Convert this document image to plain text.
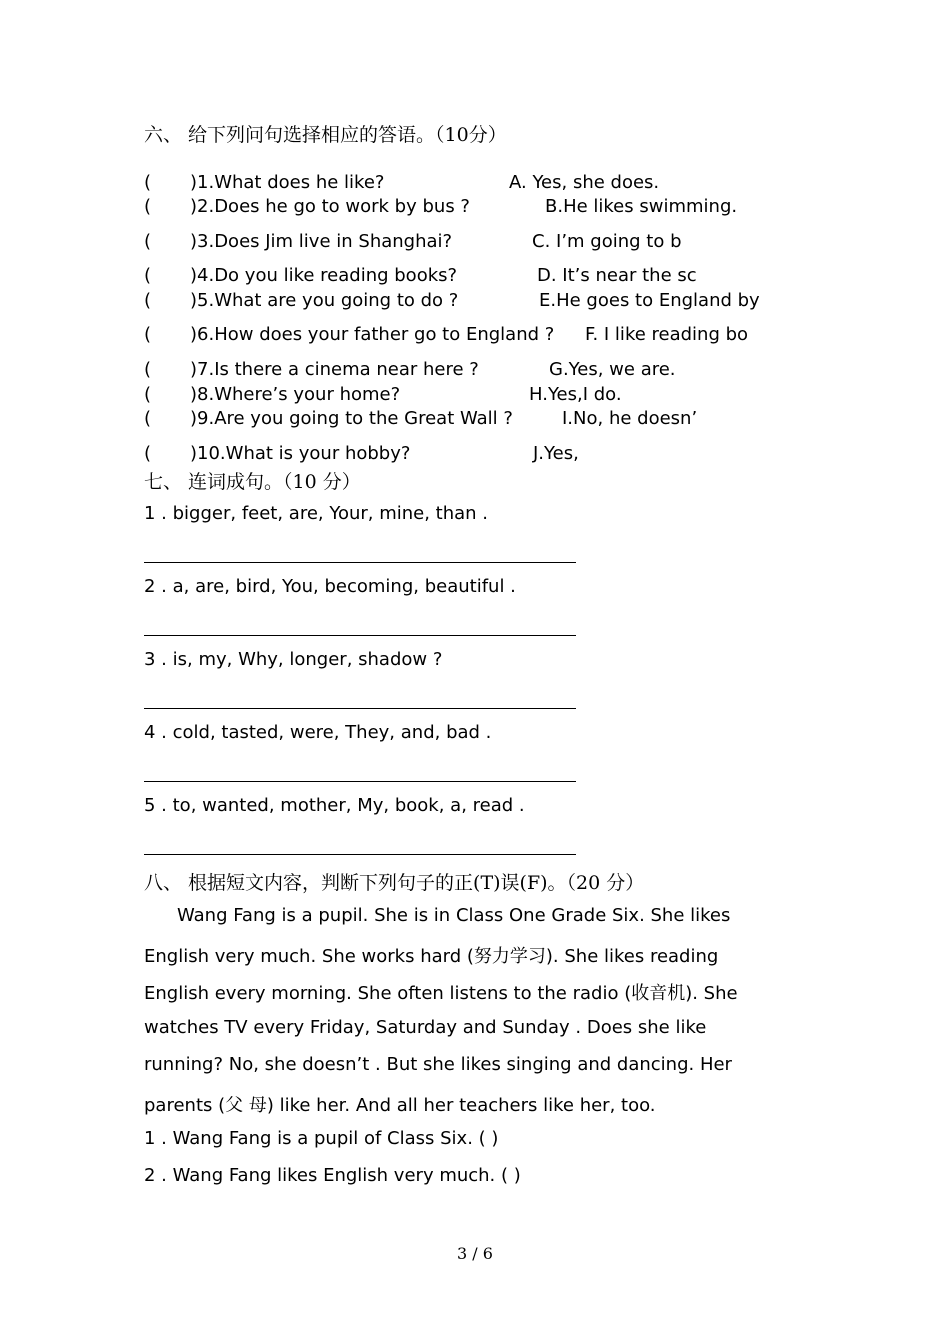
六、 给下列问句选择相应的答语。（10分）
( )1.What does he like?	A. Yes, she does.
( )2.Does he go to work by bus ?	B.He likes swimming.
( )3.Does Jim live in Shanghai?	C. I’m going to b
( )4.Do you like reading books?	D. It’s near the sc
( )5.What are you going to do ?	E.He goes to England by
( )6.How does your father go to England ? F. I like reading bo
( )7.Is there a cinema near here ?	G.Yes, we are.
( )8.Where’s your home?	H.Yes,I do.
( )9.Are you going to the Great Wall ?	I.No, he doesn’
( )10.What is your hobby?	J.Yes,
七、 连词成句。（10 分）
1 . bigger, feet, are, Your, mine, than .
2 . a, are, bird, You, becoming, beautiful .
3 . is, my, Why, longer, shadow ?
4 . cold, tasted, were, They, and, bad .
5 . to, wanted, mother, My, book, a, read .
八、 根据短文内容，判断下列句子的正(T)误(F)。（20 分）
Wang Fang is a pupil. She is in Class One Grade Six. She likes
English very much. She works hard (努力学习). She likes reading
English every morning. She often listens to the radio (收音机). She
watches TV every Friday, Saturday and Sunday . Does she like
running? No, she doesn’t . But she likes singing and dancing. Her
parents (父 母) like her. And all her teachers like her, too.
1 . Wang Fang is a pupil of Class Six. ( )
2 . Wang Fang likes English very much. ( )
3 / 6
